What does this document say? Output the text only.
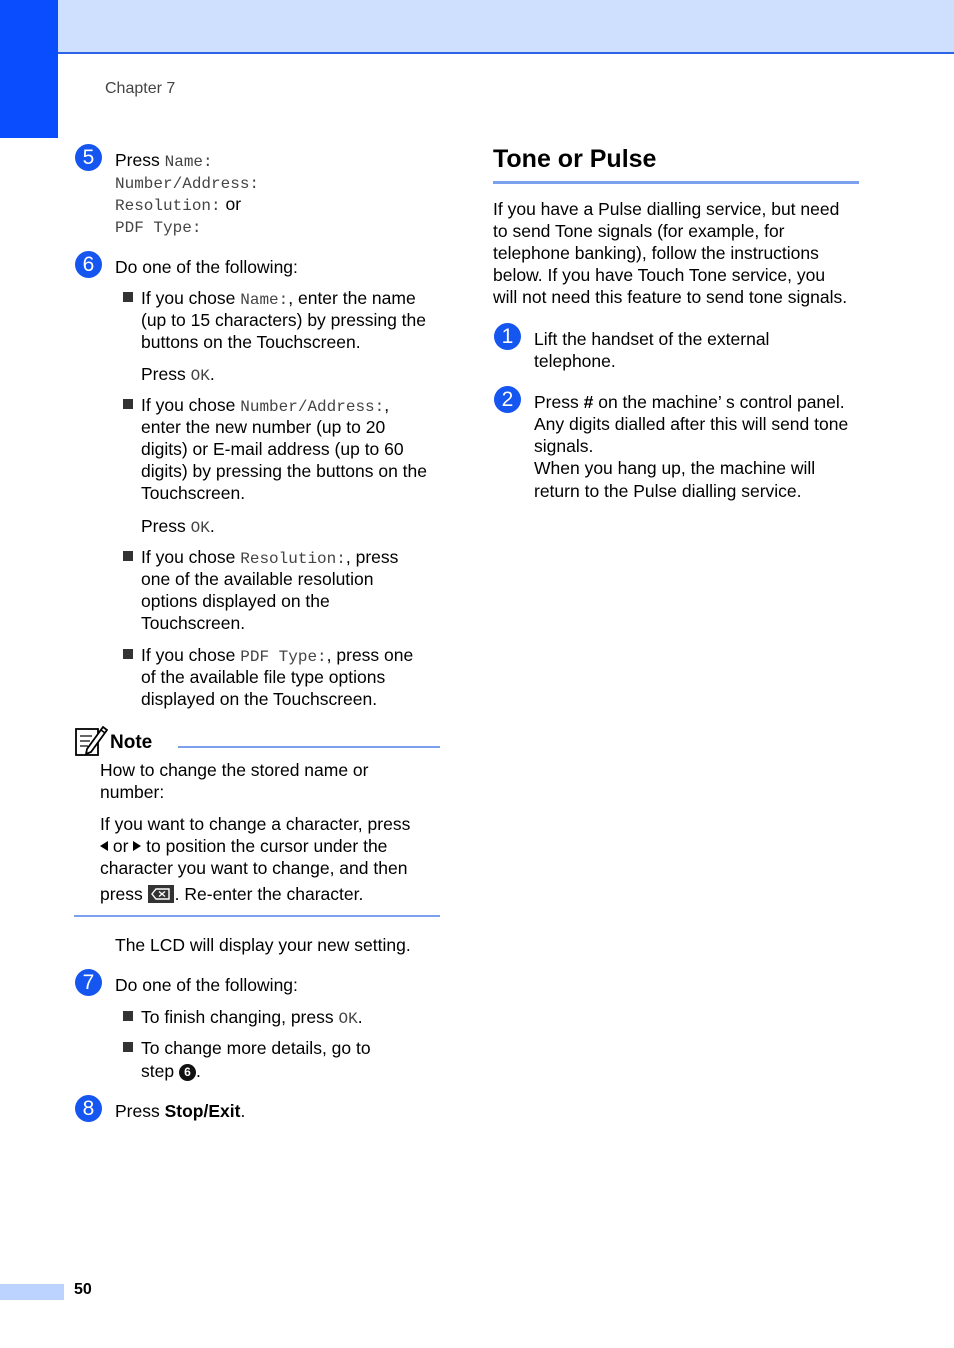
Chapter 7
50
5	Press Name:
Number/Address:
Resolution: or
PDF Type:
6	Do one of the following:
If you chose Name:, enter the name
(up to 15 characters) by pressing the
buttons on the Touchscreen.
Press OK.
If you chose Number/Address:,
enter the new number (up to 20
digits) or E-mail address (up to 60
digits) by pressing the buttons on the
Touchscreen.
Press OK.
If you chose Resolution:, press
one of the available resolution
options displayed on the
Touchscreen.
If you chose PDF Type:, press one
of the available file type options
displayed on the Touchscreen.
Note
How to change the stored name or
number:
If you want to change a character, press
or  to position the cursor under the
character you want to change, and then
press
. Re-enter the character.
The LCD will display your new setting.
7	Do one of the following:
To finish changing, press OK.
To change more details, go to
step 6 .
8	Press Stop/Exit.
Tone or Pulse
If you have a Pulse dialling service, but need
to send Tone signals (for example, for
telephone banking), follow the instructions
below. If you have Touch Tone service, you
will not need this feature to send tone signals.
1	Lift the handset of the external
telephone.
2	Press # on the machine’ s control panel.
Any digits dialled after this will send tone
signals.
When you hang up, the machine will
return to the Pulse dialling service.
